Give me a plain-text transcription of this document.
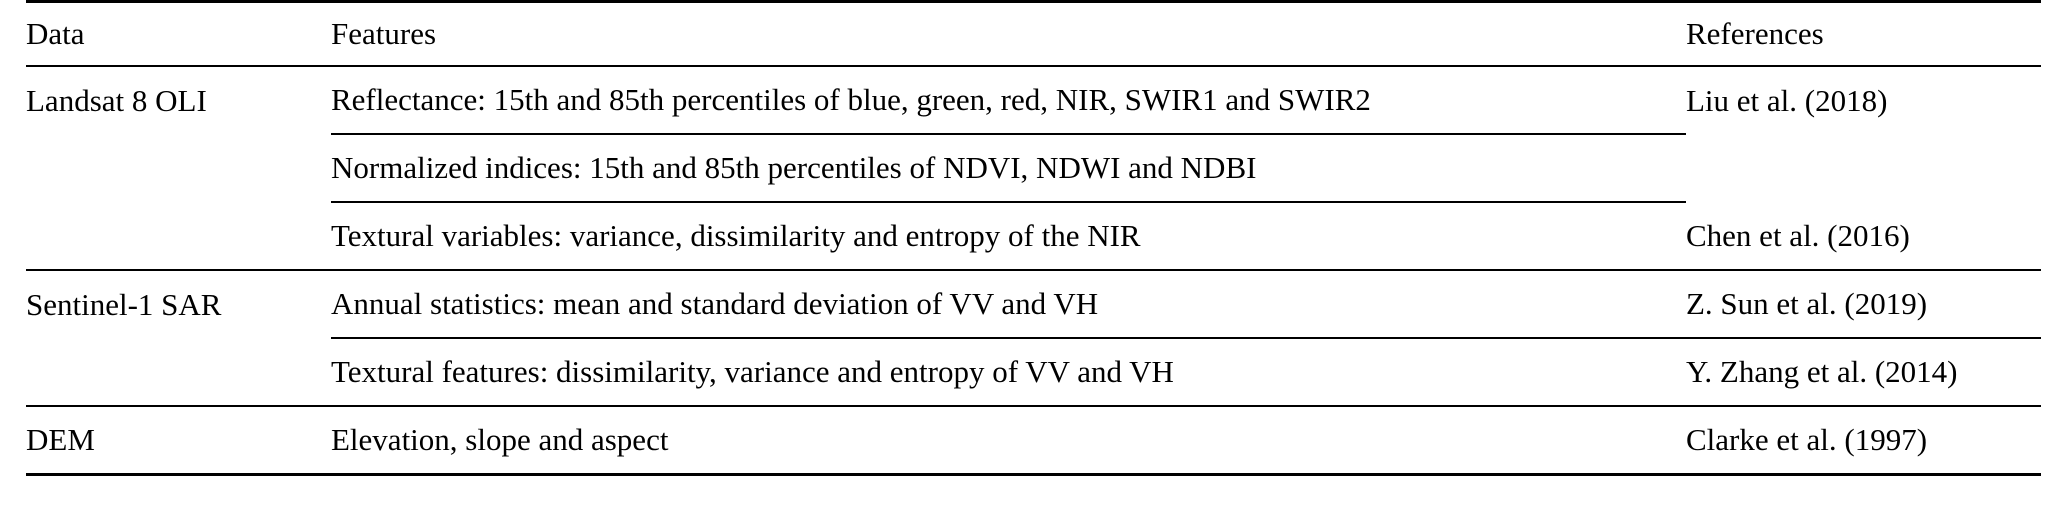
Data	Features	References
Landsat 8 OLI	Reflectance: 15th and 85th percentiles of blue, green, red, NIR, SWIR1 and SWIR2	Liu et al. (2018)
	Normalized indices: 15th and 85th percentiles of NDVI, NDWI and NDBI	
	Textural variables: variance, dissimilarity and entropy of the NIR	Chen et al. (2016)
Sentinel-1 SAR	Annual statistics: mean and standard deviation of VV and VH	Z. Sun et al. (2019)
	Textural features: dissimilarity, variance and entropy of VV and VH	Y. Zhang et al. (2014)
DEM	Elevation, slope and aspect	Clarke et al. (1997)
